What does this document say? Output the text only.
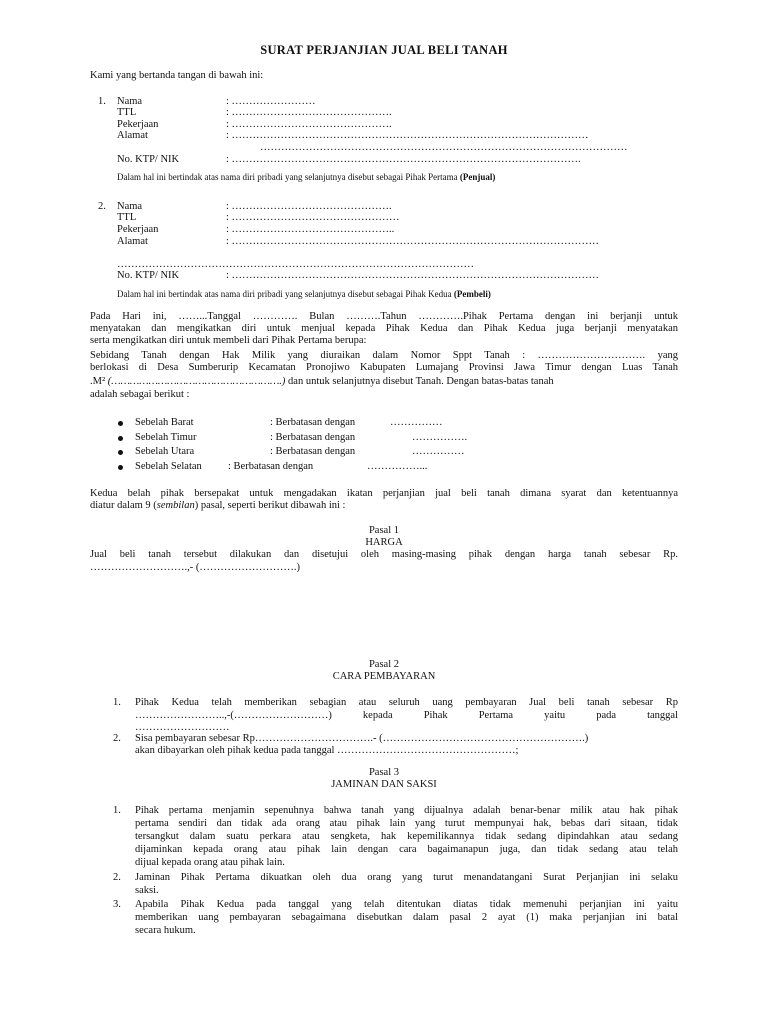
SURAT PERJANJIAN JUAL BELI TANAH
Kami yang bertanda tangan di bawah ini:
1. Nama	: ……………………
TTL	: ……………………………………….
Pekerjaan	: ……………………………………….
Alamat	: …………………………………………………………………………………………
……………………………………………………………………………………………
No. KTP/ NIK	: ……………………………………………………………………………………….
Dalam hal ini bertindak atas nama diri pribadi yang selanjutnya disebut sebagai Pihak Pertama (Penjual)
2. Nama	: ……………………………………….
TTL	: …………………………………………
Pekerjaan	: ………………………………………..
Alamat	: ……………………………………………………………………………………………
…………………………………………………………………………………………
No. KTP/ NIK	: ……………………………………………………………………………………………
Dalam hal ini bertindak atas nama diri pribadi yang selanjutnya disebut sebagai Pihak Kedua (Pembeli)
Pada Hari ini, ……...Tanggal …………. Bulan ……….Tahun ………….Pihak Pertama dengan ini berjanji untuk
menyatakan dan mengikatkan diri untuk menjual kepada Pihak Kedua dan Pihak Kedua juga berjanji menyatakan
serta mengikatkan diri untuk membeli dari Pihak Pertama berupa:
Sebidang Tanah dengan Hak Milik yang diuraikan dalam Nomor Sppt Tanah : …………………………. yang
berlokasi di Desa Sumberurip Kecamatan Pronojiwo Kabupaten Lumajang Provinsi Jawa Timur dengan Luas Tanah
.M² (……………………………………………….) dan untuk selanjutnya disebut Tanah. Dengan batas-batas tanah
adalah sebagai berikut :
Sebelah Barat	: Berbatasan dengan	……………
Sebelah Timur	: Berbatasan dengan	…………….
Sebelah Utara	: Berbatasan dengan	……………
Sebelah Selatan : Berbatasan dengan	……………...
Kedua belah pihak bersepakat untuk mengadakan ikatan perjanjian jual beli tanah dimana syarat dan ketentuannya
diatur dalam 9 (sembilan) pasal, seperti berikut dibawah ini :
Pasal 1
HARGA
Jual beli tanah tersebut dilakukan dan disetujui oleh masing-masing pihak dengan harga tanah sebesar Rp.
……………………….,- (……………………….)
Pasal 2
CARA PEMBAYARAN
1. Pihak Kedua telah memberikan sebagian atau seluruh uang pembayaran Jual beli tanah sebesar Rp
……………………..,-(………………………) kepada Pihak Pertama yaitu pada tanggal
………………………
2. Sisa pembayaran sebesar Rp…………………………….- (………………………………………………….)
akan dibayarkan oleh pihak kedua pada tanggal ……………………………………………;
Pasal 3
JAMINAN DAN SAKSI
1. Pihak pertama menjamin sepenuhnya bahwa tanah yang dijualnya adalah benar-benar milik atau hak pihak
pertama sendiri dan tidak ada orang atau pihak lain yang turut mempunyai hak, bebas dari sitaan, tidak
tersangkut dalam suatu perkara atau sengketa, hak kepemilikannya tidak sedang dipindahkan atau sedang
dijaminkan kepada orang atau pihak lain dengan cara bagaimanapun juga, dan tidak sedang atau telah
dijual kepada orang atau pihak lain.
2. Jaminan Pihak Pertama dikuatkan oleh dua orang yang turut menandatangani Surat Perjanjian ini selaku
saksi.
3. Apabila Pihak Kedua pada tanggal yang telah ditentukan diatas tidak memenuhi perjanjian ini yaitu
memberikan uang pembayaran sebagaimana disebutkan dalam pasal 2 ayat (1) maka perjanjian ini batal
secara hukum.
